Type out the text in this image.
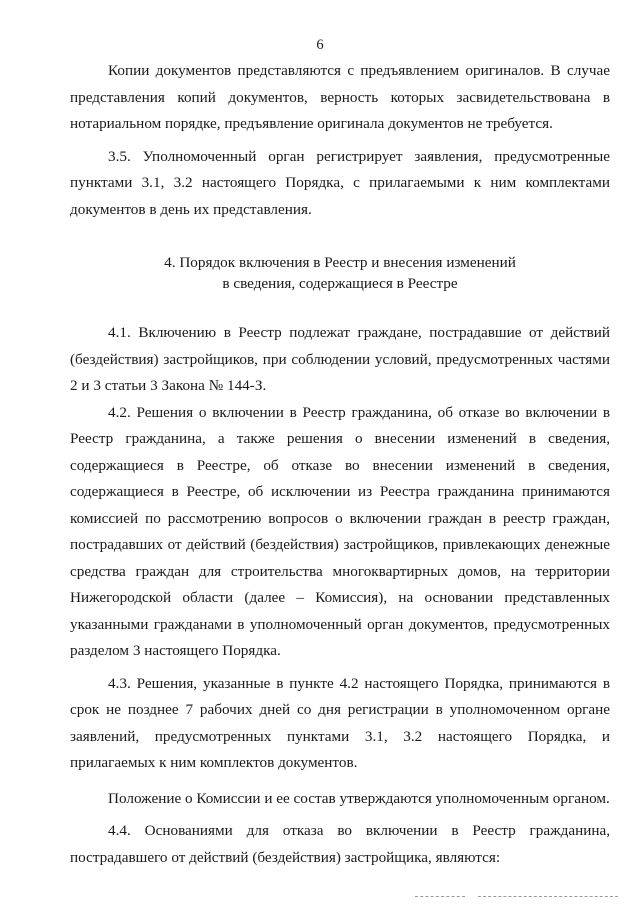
6

Копии документов представляются с предъявлением оригиналов. В случае представления копий документов, верность которых засвидетельствована в нотариальном порядке, предъявление оригинала документов не требуется.

3.5. Уполномоченный орган регистрирует заявления, предусмотренные пунктами 3.1, 3.2 настоящего Порядка, с прилагаемыми к ним комплектами документов в день их представления.

4. Порядок включения в Реестр и внесения изменений
в сведения, содержащиеся в Реестре

4.1. Включению в Реестр подлежат граждане, пострадавшие от действий (бездействия) застройщиков, при соблюдении условий, предусмотренных частями 2 и 3 статьи 3 Закона № 144-З.

4.2. Решения о включении в Реестр гражданина, об отказе во включении в Реестр гражданина, а также решения о внесении изменений в сведения, содержащиеся в Реестре, об отказе во внесении изменений в сведения, содержащиеся в Реестре, об исключении из Реестра гражданина принимаются комиссией по рассмотрению вопросов о включении граждан в реестр граждан, пострадавших от действий (бездействия) застройщиков, привлекающих денежные средства граждан для строительства многоквартирных домов, на территории Нижегородской области (далее – Комиссия), на основании представленных указанными гражданами в уполномоченный орган документов, предусмотренных разделом 3 настоящего Порядка.

4.3. Решения, указанные в пункте 4.2 настоящего Порядка, принимаются в срок не позднее 7 рабочих дней со дня регистрации в уполномоченном органе заявлений, предусмотренных пунктами 3.1, 3.2 настоящего Порядка, и прилагаемых к ним комплектов документов.

Положение о Комиссии и ее состав утверждаются уполномоченным органом.

4.4. Основаниями для отказа во включении в Реестр гражданина, пострадавшего от действий (бездействия) застройщика, являются:
